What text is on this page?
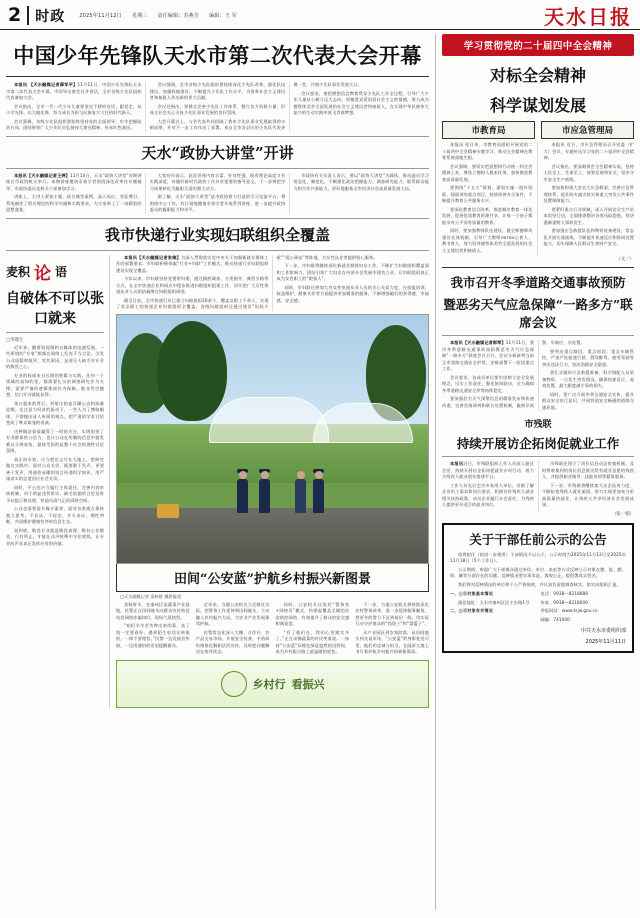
2	时政	2025年11月12日 星期三 责任编辑：苏燕芳 编辑：王 军	天水日报
中国少年先锋队天水市第二次代表大会开幕

本报讯 【天水融媒记者薛军平】11月11日，中国少年先锋队天水市第二次代表大会开幕。市领导出席会议并讲话，全市各级少先队组织代表参加大会。

会议指出，全市一代一代少年儿童要坚定不移听党话、跟党走，从小学先锋、长大做先锋，努力成长为担当民族复兴大任的时代新人。

会议强调，各级少先队组织要始终坚持党的全面领导，牢牢把握政治方向，团结带领广大少先队员弘扬伟大建党精神，传承红色基因。

会议强调，全市各级少先队组织要持续深化少先队改革，强化队伍建设，加强阵地建设，不断提升少先队工作水平，为培养社会主义建设者和接班人作出新的更大贡献。

会议还指出，要健全完善少先队工作体系，整合各方资源力量，形成全社会关心支持少先队事业发展的良好氛围。

大会开幕式上，与会代表共同回顾了我市少先队事业发展取得的丰硕成果，并对下一步工作作出了部署。来自全市各县区的少先队代表齐聚一堂，共商少先队事业发展大计。

会议要求，要把理想信念教育贯穿少先队工作全过程，引导广大少年儿童从小树立远大志向，厚植爱党爱国爱社会主义的情感，努力成为德智体美劳全面发展的社会主义建设者和接班人，在实现中华民族伟大复兴的生动实践中放飞青春梦想。

天水“政协大讲堂”开讲

本报讯【天水融媒记者王婷】11月14日，天水“政协大讲堂”首期讲座在市政协机关举行。本期讲座邀请专家学者围绕深化改革作专题辅导，市政协委员及机关干部参加学习。

讲座上，主讲人紧扣主题，结合典型案例，深入浅出、旁征博引，系统阐述了相关理论的科学内涵和实践要求，为大家奉上了一场精彩的思想盛宴。

大家纷纷表示，此次讲座内容丰富、针对性强，既有理论高度又有实践深度，对做好新时代政协工作具有重要的指导意义。下一步将把学习成果转化为履职尽责的强大动力。

据了解，天水“政协大讲堂”是市政协着力打造的学习交流平台，将围绕中心工作，有计划地邀请专家学者开展系列讲座，进一步提升政协委员的履职能力和水平。

市政协有关负责人表示，要以“政协大讲堂”为载体，推动委员学习常态化、制度化，不断强化政治把握能力、调查研究能力、联系群众能力和合作共事能力，更好地服务全市经济社会高质量发展大局。

我市快递行业实现妇联组织全覆盖
麦积 论 语
自破体不可以张口就来
□李瑾生

近年来，随着短视频和自媒体的迅速发展，一些所谓的“专家”频频在网络上发表不当言论，引发公众质疑和批评。究其原因，是部分人缺乏对专业的敬畏之心。

专业的权威来自长期的积累与实践。任何一个领域的真知灼见，都需要扎实的调查研究作为支撑，需要严谨的逻辑推演作为保障，绝非凭空臆想、信口开河就能获得。

张口就来的背后，折射出的是浮躁心态和流量思维。在注意力经济的驱动下，一些人为了博取眼球，不惜抛出耸人听闻的观点，把严肃的学术讨论变成了哗众取宠的表演。

这种做法看似赢得了一时的关注，实则损害了专业群体的公信力，也让公众在纷繁的信息中愈发难以分辨真伪，最终受损的是整个社会的理性讨论氛围。

真正的专家，应当把论文写在大地上，把研究做在实践中。面对公众关切，既要敢于发声，更要善于发声，用通俗易懂的语言传递科学知识，用严谨求实的态度回应社会关切。

同时，平台也应当履行主体责任，完善内容审核机制，对于明显违背常识、缺乏依据的言论及时予以提示和处理，营造风清气正的网络空间。

公众也需要提升媒介素养，面对各类观点保持独立思考，不盲从、不轻信，多方求证、理性判断，共同维护健康有序的信息生态。

说到底，敬畏专业就是敬畏真理。唯有心存敬畏、行有所止，才能在众声喧哗中守住底线，让专业的声音真正发挥应有的价值。

本报讯【天水融媒记者张维】为深入贯彻落实党中央关于加强新就业群体工作的部署要求，市妇联积极探索“行业+妇联”工作模式，推动快递行业妇联组织建设实现全覆盖。

今年以来，市妇联坚持党建带妇建，通过摸底调查、分类指导、典型引路等方式，在全市快递企业和网点中稳步推进妇联组织组建工作，切实把广大女性快递从业人员团结凝聚在妇联组织周围。

截至目前，全市快递行业已建立妇联组织20余个，覆盖女职工千余人，实现了有女职工的快递企业妇联组织全覆盖。各级妇联组织还通过建设“妈妈小屋”“爱心驿站”等阵地，为女性从业者提供贴心服务。

下一步，市妇联将继续深化新就业群体妇女工作，不断扩大妇联组织覆盖面和工作影响力，团结引领广大妇女在经济社会发展中建功立业，让妇联组织真正成为女性职工的“娘家人”。

同时，市妇联还将加大对女性快递从业人员的关心关爱力度，在技能培训、权益维护、健康关怀等方面提供更加精准的服务，不断增强她们的获得感、幸福感、安全感。

田间“公安蓝”护航乡村振兴新图景
□天水融媒记者 梁转娇 摄影报道

金秋时节，在秦州区某蔬菜产业基地，民警正在田间地头向群众宣传防范电信网络诈骗知识，现场气氛热烈。

“咱们辛辛苦苦种出来的菜，卖了钱一定要看好，遇到陌生电话让转账的，一律不要相信。”民警一边发放宣传册，一边用通俗的话语提醒群众。

近年来，当地公安机关立足辖区实际，把警务工作延伸到田间地头，主动融入乡村振兴大局，为农业产业发展保驾护航。

民警常态化深入大棚、合作社、农产品交易市场，开展安全检查、矛盾纠纷排查化解和法治宣传，及时把问题解决在萌芽状态。

同时，公安机关还依托“警务室+网格员”模式，构建起覆盖全域的治安防控网络，有效提升了群众的安全感和满意度。

“有了他们在，我们心里踏实多了。”正在采摘蔬菜的村民笑着说。一抹抹“公安蓝”穿梭在绿意盎然的田野间，成为乡村振兴路上最温暖的底色。

下一步，当地公安机关将持续深化农村警务改革，进一步延伸服务触角，把更多的警力下沉到基层一线，用实际行动守护群众的“钱袋子”和“菜篮子”。

从产业园区到农家院落，从田间地头到交易市场，“公安蓝”的身影处处可见，他们用忠诚与担当，在陇原大地上书写着护航乡村振兴的崭新篇章。

乡村行 看振兴
学习贯彻党的二十届四中全会精神
对标全会精神
科学谋划发展
市教育局	市应急管理局

本报讯 连日来，市教育局组织开展党的二十届四中全会精神专题学习，推动全会精神在教育系统落地生根。

会议强调，要切实把思想和行动统一到全会精神上来，聚焦立德树人根本任务，加快推进教育高质量发展。

要围绕“十五五”规划，谋划实施一批补短板、强弱项的重点项目，持续改善办学条件，不断提升教育公共服务水平。

要深化教育综合改革，推进城乡教育一体化发展，促进优质教育资源共享，让每一个孩子都能享有公平而有质量的教育。

同时，要加强教师队伍建设，健全师德师风建设长效机制，引导广大教师потен心育人、教书育人，努力培养德智体美劳全面发展的社会主义建设者和接班人。

本报讯 近日，市应急管理局召开党委（扩大）会议，专题传达学习党的二十届四中全会精神。

会议指出，要深刻领会全会精神实质，坚持人民至上、生命至上，统筹发展和安全，坚决守牢安全生产底线。

要加快构建大安全大应急框架，完善应急管理体系，提升防灾减灾救灾和重大突发公共事件处置保障能力。

要紧盯重点行业领域，深入开展安全生产治本攻坚行动，全面排查整治各类风险隐患，坚决遏制重特大事故发生。

要加强应急救援队伍和物资装备建设，常态化开展实战演练，不断提升快速反应和协同处置能力，切实保障人民群众生命财产安全。

（文／）
我市召开冬季道路交通事故预防
暨恶劣天气应急保障“一路多方”联席会议

本报讯【天水融媒记者郭琴】11月11日，我市冬季道路交通事故预防暨恶劣天气应急保障“一路多方”联席会议召开。会议分析研判当前全市道路交通安全形势，安排部署下一阶段重点工作。

会议要求，各成员单位要牢固树立安全发展理念，压实工作责任，强化协同联动，全力确保冬季道路交通安全形势持续稳定。

要加强恶劣天气预警信息的精准发布和快速传递，完善会商研判和联合处置机制，做到早预警、早响应、早处置。

要突出重点路段、重点时段、重点车辆管控，严查严处超速行驶、酒驾醉驾、疲劳驾驶等突出违法行为，坚决消除安全隐患。

要扎实做好应急救援准备，科学调配人员装备物资，一旦发生突发情况，确保快速反应、高效处置，最大限度减少事故损失。

同时，要广泛开展冬季交通安全宣传，提升群众安全出行意识，共同营造安全畅通的道路交通环境。

市残联
持续开展访企拓岗促就业工作

本报讯近日，市残联组织工作人员深入辖区企业，持续开展访企拓岗促就业专项行动，着力为残疾人就业创业搭建平台。

工作人员先后走访多家用人单位，详细了解企业用工需求和岗位要求，积极宣传残疾人就业相关扶持政策，动员企业履行社会责任，为残疾人提供更多适合的就业岗位。

市残联还建立了岗位信息动态收集机制，及时将收集到的岗位信息推送给有就业意愿的残疾人，并提供职业指导、技能培训等精准服务。

下一步，市残联将继续加大访企拓岗力度，不断拓宽残疾人就业渠道，努力实现更加充分更高质量的就业，让残疾人共享经济社会发展成果。

（张一娟）
关于干部任前公示的公告

现将拟任（拟进一步使用）干部情况予以公示，公示时间为2025年11月12日至2025年11月18日（5个工作日）。

公示期间，欢迎广大干部群众通过来信、来访、来电等方式反映公示对象在德、能、勤、绩、廉等方面存在的问题。反映情况要实事求是、客观公正，提倡署真实姓名。

我们将对反映情况的单位和个人严格保密，并认真负责地调查核实，如实向组织汇报。

一、公示对象基本情况

通信地址：天水市秦州区民主东路1号

二、公示对象有关情况

电话：0938—8218888

传真：0938—8218000

举报网站：www.tsjw.gov.cn

邮编：741000

中共天水市委组织部
2025年11月11日
